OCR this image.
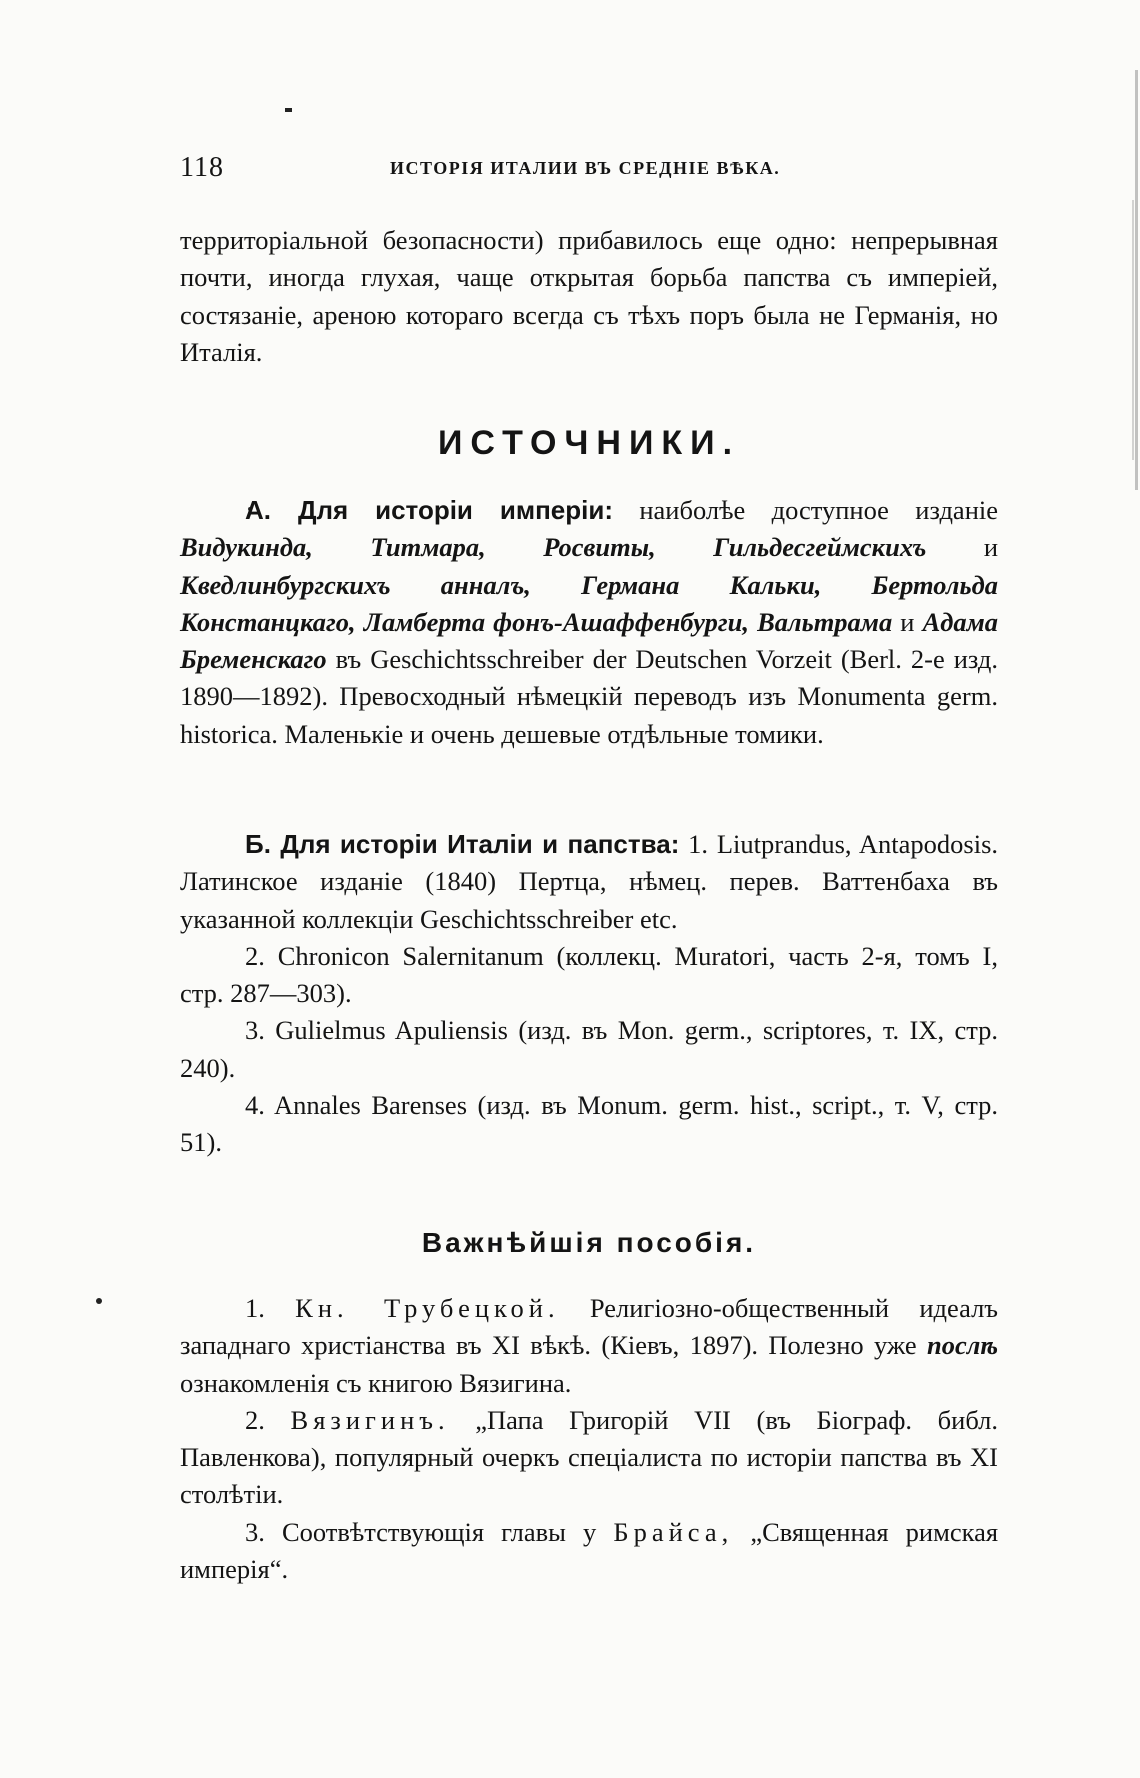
118	ИСТОРІЯ ИТАЛИИ ВЪ СРЕДНІЕ ВѢКА.

территоріальной безопасности) прибавилось еще одно: непрерывная почти, иногда глухая, чаще открытая борьба папства съ имперіей, состязаніе, ареною котораго всегда съ тѣхъ поръ была не Германія, но Италія.

ИСТОЧНИКИ.

А. Для исторіи имперіи: наиболѣе доступное изданіе Видукинда, Титмара, Росвиты, Гильдесгеймскихъ и Кведлинбургскихъ анналъ, Германа Кальки, Бертольда Констанцкаго, Ламберта фонъ-Ашаффенбурги, Вальтрама и Адама Бременскаго въ Geschichtsschreiber der Deutschen Vorzeit (Berl. 2-е изд. 1890—1892). Превосходный нѣмецкій переводъ изъ Monumenta germ. historica. Маленькіе и очень дешевые отдѣльные томики.

Б. Для исторіи Италіи и папства: 1. Liutprandus, Antapodosis. Латинское изданіе (1840) Пертца, нѣмец. перев. Ваттенбаха въ указанной коллекціи Geschichtsschreiber etc.

2. Chronicon Salernitanum (коллекц. Muratori, часть 2-я, томъ I, стр. 287—303).

3. Gulielmus Apuliensis (изд. въ Mon. germ., scriptores, т. IX, стр. 240).

4. Annales Barenses (изд. въ Monum. germ. hist., script., т. V, стр. 51).

Важнѣйшія пособія.

1. Кн. Трубецкой. Религіозно-общественный идеалъ западнаго христіанства въ XI вѣкѣ. (Кіевъ, 1897). Полезно уже послѣ ознакомленія съ книгою Вязигина.

2. Вязигинъ. „Папа Григорій VII (въ Біограф. библ. Павленкова), популярный очеркъ спеціалиста по исторіи папства въ XI столѣтіи.

3. Соотвѣтствующія главы у Брайса, „Священная римская имперія“.
